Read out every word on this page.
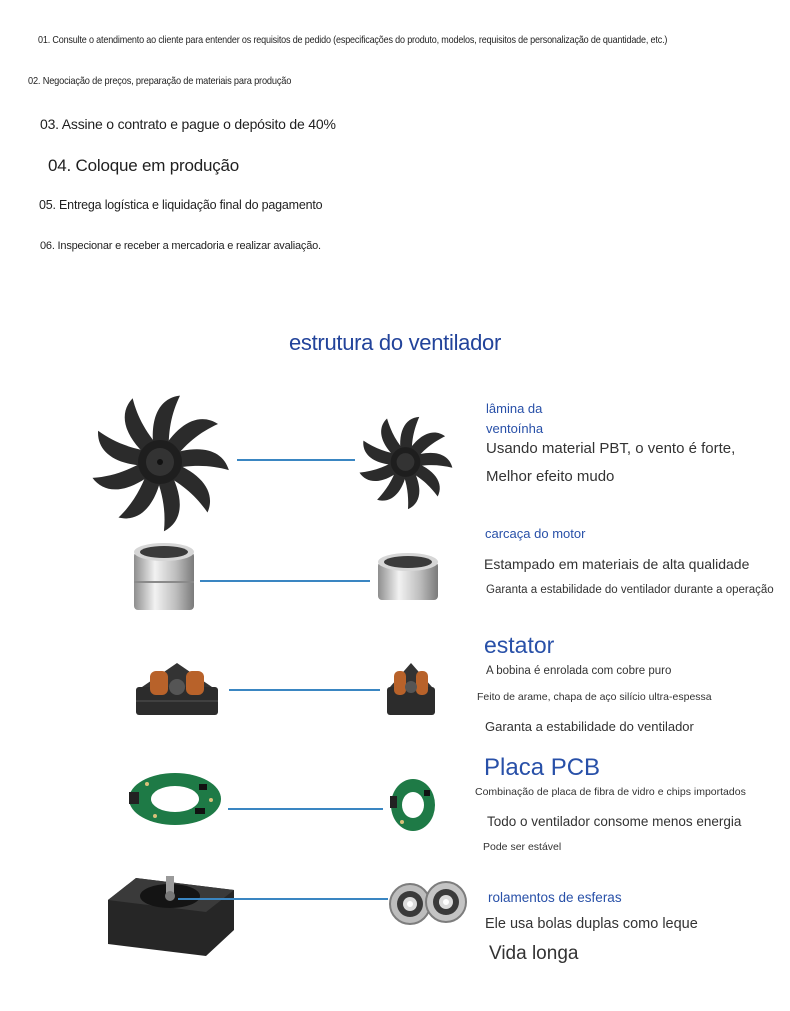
01. Consulte o atendimento ao cliente para entender os requisitos de pedido (especificações do produto, modelos, requisitos de personalização de quantidade, etc.)
02. Negociação de preços, preparação de materiais para produção
03. Assine o contrato e pague o depósito de 40%
04. Coloque em produção
05. Entrega logística e liquidação final do pagamento
06. Inspecionar e receber a mercadoria e realizar avaliação.
estrutura do ventilador
lâmina da
ventoínha
Usando material PBT, o vento é forte,
Melhor efeito mudo
carcaça do motor
Estampado em materiais de alta qualidade
Garanta a estabilidade do ventilador durante a operação
estator
A bobina é enrolada com cobre puro
Feito de arame, chapa de aço silício ultra-espessa
Garanta a estabilidade do ventilador
Placa PCB
Combinação de placa de fibra de vidro e chips importados
Todo o ventilador consome menos energia
Pode ser estável
rolamentos de esferas
Ele usa bolas duplas como leque
Vida longa
